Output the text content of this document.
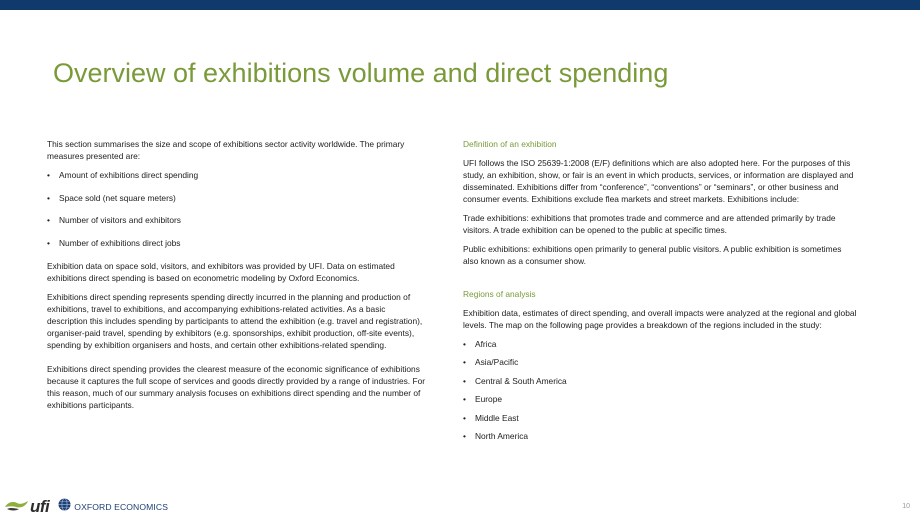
Overview of exhibitions volume and direct spending

This section summarises the size and scope of exhibitions sector activity worldwide. The primary measures presented are:

• Amount of exhibitions direct spending
• Space sold (net square meters)
• Number of visitors and exhibitors
• Number of exhibitions direct jobs

Exhibition data on space sold, visitors, and exhibitors was provided by UFI. Data on estimated exhibitions direct spending is based on econometric modeling by Oxford Economics.

Exhibitions direct spending represents spending directly incurred in the planning and production of exhibitions, travel to exhibitions, and accompanying exhibitions-related activities. As a basic description this includes spending by participants to attend the exhibition (e.g. travel and registration), organiser-paid travel, spending by exhibitors (e.g. sponsorships, exhibit production, off-site events), spending by exhibition organisers and hosts, and certain other exhibitions-related spending.

Exhibitions direct spending provides the clearest measure of the economic significance of exhibitions because it captures the full scope of services and goods directly provided by a range of industries. For this reason, much of our summary analysis focuses on exhibitions direct spending and the number of exhibitions participants.

Definition of an exhibition

UFI follows the ISO 25639-1:2008 (E/F) definitions which are also adopted here. For the purposes of this study, an exhibition, show, or fair is an event in which products, services, or information are displayed and disseminated. Exhibitions differ from “conference”, “conventions” or “seminars”, or other business and consumer events. Exhibitions exclude flea markets and street markets. Exhibitions include:

Trade exhibitions: exhibitions that promotes trade and commerce and are attended primarily by trade visitors. A trade exhibition can be opened to the public at specific times.

Public exhibitions: exhibitions open primarily to general public visitors. A public exhibition is sometimes also known as a consumer show.

Regions of analysis

Exhibition data, estimates of direct spending, and overall impacts were analyzed at the regional and global levels. The map on the following page provides a breakdown of the regions included in the study:

• Africa
• Asia/Pacific
• Central & South America
• Europe
• Middle East
• North America
ufi	OXFORD ECONOMICS	10
